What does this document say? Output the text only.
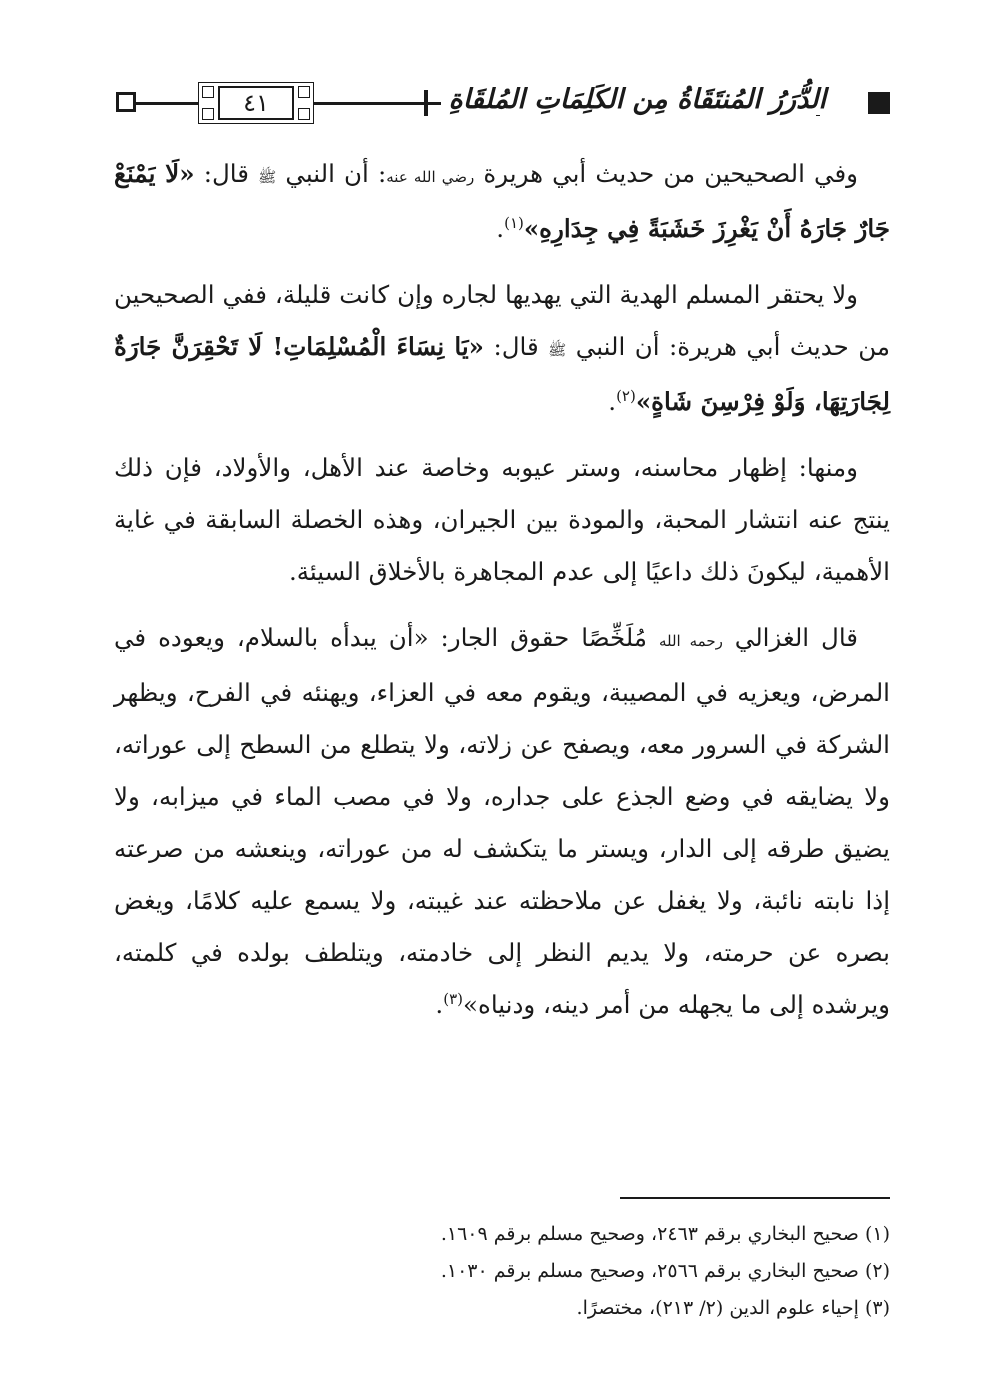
٤١	الدُّرَرُ المُنتَقَاةُ مِن الكَلِمَاتِ المُلقَاةِ

وفي الصحيحين من حديث أبي هريرة رضي الله عنه: أن النبي ﷺ قال: «لَا يَمْنَعْ جَارٌ جَارَهُ أَنْ يَغْرِزَ خَشَبَةً فِي جِدَارِهِ»$^{(١)}$.

ولا يحتقر المسلم الهدية التي يهديها لجاره وإن كانت قليلة، ففي الصحيحين من حديث أبي هريرة: أن النبي ﷺ قال: «يَا نِسَاءَ الْمُسْلِمَاتِ! لَا تَحْقِرَنَّ جَارَةٌ لِجَارَتِهَا، وَلَوْ فِرْسِنَ شَاةٍ»$^{(٢)}$.

ومنها: إظهار محاسنه، وستر عيوبه وخاصة عند الأهل، والأولاد، فإن ذلك ينتج عنه انتشار المحبة، والمودة بين الجيران، وهذه الخصلة السابقة في غاية الأهمية، ليكونَ ذلك داعيًا إلى عدم المجاهرة بالأخلاق السيئة.

قال الغزالي رحمه الله مُلَخِّصًا حقوق الجار: «أن يبدأه بالسلام، ويعوده في المرض، ويعزيه في المصيبة، ويقوم معه في العزاء، ويهنئه في الفرح، ويظهر الشركة في السرور معه، ويصفح عن زلاته، ولا يتطلع من السطح إلى عوراته، ولا يضايقه في وضع الجذع على جداره، ولا في مصب الماء في ميزابه، ولا يضيق طرقه إلى الدار، ويستر ما يتكشف له من عوراته، وينعشه من صرعته إذا نابته نائبة، ولا يغفل عن ملاحظته عند غيبته، ولا يسمع عليه كلامًا، ويغض بصره عن حرمته، ولا يديم النظر إلى خادمته، ويتلطف بولده في كلمته، ويرشده إلى ما يجهله من أمر دينه، ودنياه»$^{(٣)}$.

(١) صحيح البخاري برقم ٢٤٦٣، وصحيح مسلم برقم ١٦٠٩.

(٢) صحيح البخاري برقم ٢٥٦٦، وصحيح مسلم برقم ١٠٣٠.

(٣) إحياء علوم الدين (٢/ ٢١٣)، مختصرًا.
